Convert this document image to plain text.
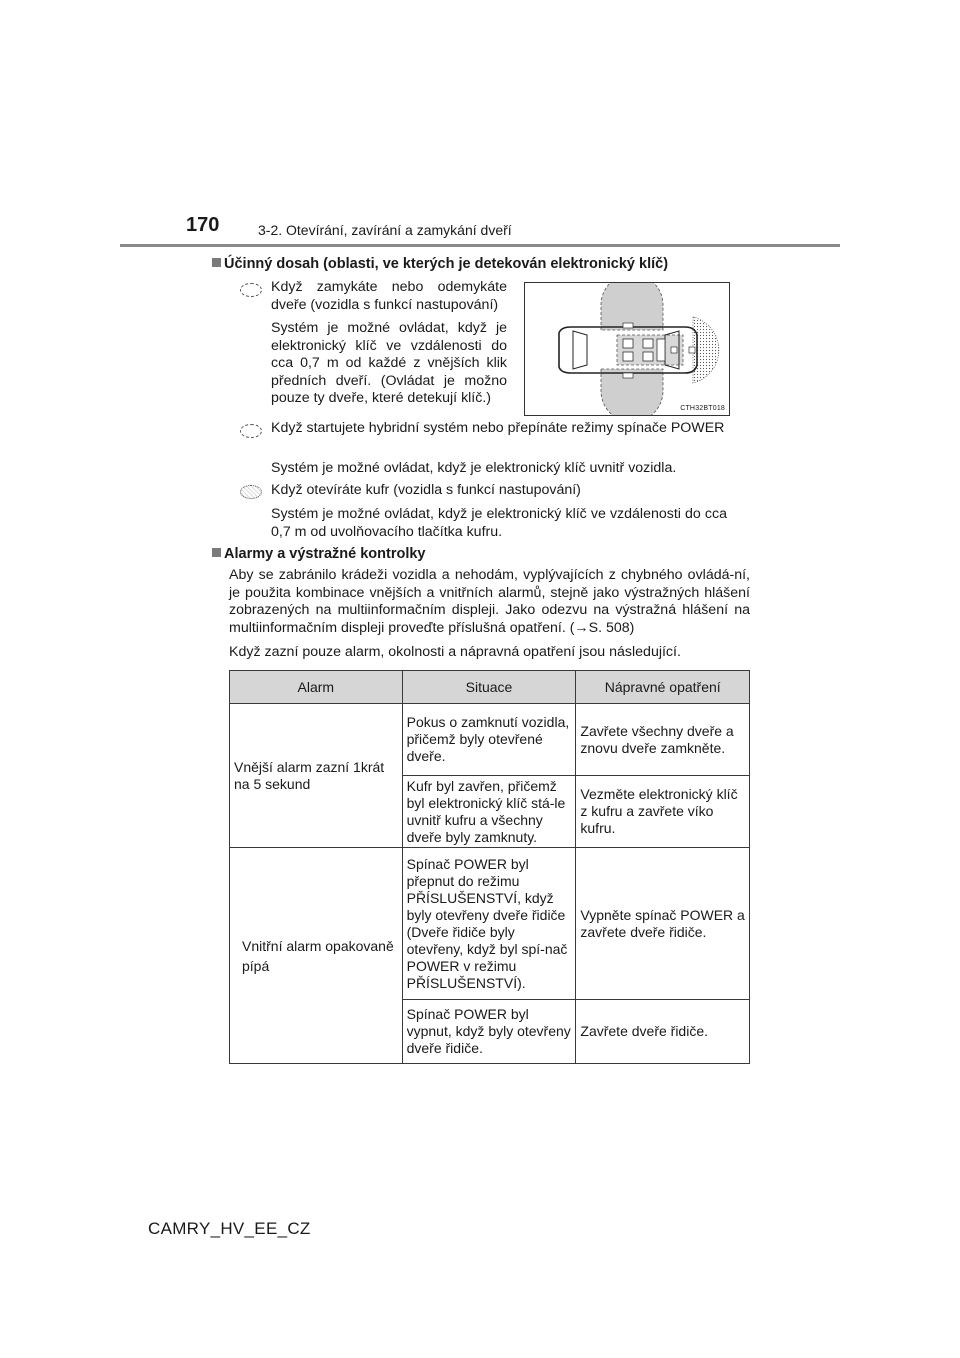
170	3-2. Otevírání, zavírání a zamykání dveří
Účinný dosah (oblasti, ve kterých je detekován elektronický klíč)
Když zamykáte nebo odemykáte dveře (vozidla s funkcí nastupování)
Systém je možné ovládat, když je elektronický klíč ve vzdálenosti do cca 0,7 m od každé z vnějších klik předních dveří. (Ovládat je možno pouze ty dveře, které detekují klíč.)
CTH32BT018
Když startujete hybridní systém nebo přepínáte režimy spínače POWER
Systém je možné ovládat, když je elektronický klíč uvnitř vozidla.
Když otevíráte kufr (vozidla s funkcí nastupování)
Systém je možné ovládat, když je elektronický klíč ve vzdálenosti do cca 0,7 m od uvolňovacího tlačítka kufru.
Alarmy a výstražné kontrolky
Aby se zabránilo krádeži vozidla a nehodám, vyplývajících z chybného ovládá-ní, je použita kombinace vnějších a vnitřních alarmů, stejně jako výstražných hlášení zobrazených na multiinformačním displeji. Jako odezvu na výstražná hlášení na multiinformačním displeji proveďte příslušná opatření. (→S. 508)
Když zazní pouze alarm, okolnosti a nápravná opatření jsou následující.
Alarm	Situace	Nápravné opatření
Vnější alarm zazní 1krát na 5 sekund	Pokus o zamknutí vozidla, přičemž byly otevřené dveře.	Zavřete všechny dveře a znovu dveře zamkněte.
	Kufr byl zavřen, přičemž byl elektronický klíč stá-le uvnitř kufru a všechny dveře byly zamknuty.	Vezměte elektronický klíč z kufru a zavřete víko kufru.
Vnitřní alarm opakovaně pípá	Spínač POWER byl přepnut do režimu PŘÍSLUŠENSTVÍ, když byly otevřeny dveře řidiče (Dveře řidiče byly otevřeny, když byl spí-nač POWER v režimu PŘÍSLUŠENSTVÍ).	Vypněte spínač POWER a zavřete dveře řidiče.
	Spínač POWER byl vypnut, když byly otevřeny dveře řidiče.	Zavřete dveře řidiče.
CAMRY_HV_EE_CZ
